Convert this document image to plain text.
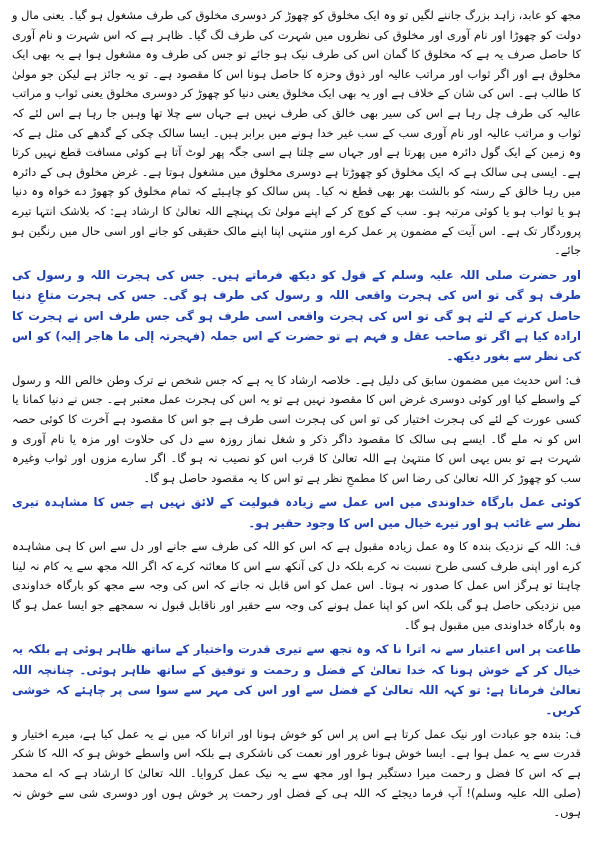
مجھ کو عابد، زاہد بزرگ جاننے لگیں تو وہ ایک مخلوق کو چھوڑ کر دوسری مخلوق کی طرف مشغول ہو گیا۔ یعنی مال و دولت کو چھوڑا اور نام آوری اور مخلوق کی نظروں میں شہرت کی طرف لگ گیا۔ ظاہر ہے کہ اس شہرت و نام آوری کا حاصل صرف یہ ہے کہ مخلوق کا گمان اس کی طرف نیک ہو جائے تو جس کی طرف وہ مشغول ہوا ہے یہ بھی ایک مخلوق ہے اور اگر ثواب اور مراتب عالیہ اور ذوق وحزہ کا حاصل ہونا اس کا مقصود ہے۔ تو یہ جائز ہے لیکن جو مولیٰ کا طالب ہے۔ اس کی شان کے خلاف ہے اور یہ بھی ایک مخلوق یعنی دنیا کو چھوڑ کر دوسری مخلوق یعنی ثواب و مراتب عالیہ کی طرف چل رہا ہے اس کی سیر بھی خالق کی طرف نہیں ہے جہاں سے چلا تھا وہیں جا رہا ہے اس لئے کہ ثواب و مراتب عالیہ اور نام آوری سب کے سب غیر خدا ہونے میں برابر ہیں۔ ایسا سالک چکی کے گدھے کی مثل ہے کہ وہ زمین کے ایک گول دائرہ میں پھرتا ہے اور جہاں سے چلتا ہے اسی جگہ پھر لوٹ آتا ہے کوئی مسافت قطع نہیں کرتا ہے۔ ایسی ہی سالک ہے کہ ایک مخلوق کو چھوڑتا ہے دوسری مخلوق میں مشغول ہوتا ہے۔ غرض مخلوق ہی کے دائرہ میں رہا خالق کے رستہ کو بالشت بھر بھی قطع نہ کیا۔ پس سالک کو چاہیئے کہ تمام مخلوق کو چھوڑ دے خواہ وہ دنیا ہو یا ثواب ہو یا کوئی مرتبہ ہو۔ سب کے کوچ کر کے اپنے مولیٰ تک پہنچے اللہ تعالیٰ کا ارشاد ہے: کہ بلاشک انتہا تیرے پروردگار تک ہے۔ اس آیت کے مضمون پر عمل کرے اور منتہی اپنا اپنے مالک حقیقی کو جانے اور اسی حال میں رنگین ہو جائے۔

اور حضرت صلی اللہ علیہ وسلم کے قول کو دیکھ فرماتے ہیں۔ جس کی ہجرت اللہ و رسول کی طرف ہو گی تو اس کی ہجرت واقعی اللہ و رسول کی طرف ہو گی۔ جس کی ہجرت متاعِ دنیا حاصل کرنے کے لئے ہو گی تو اس کی ہجرت واقعی اسی طرف ہو گی جس طرف اس نے ہجرت کا ارادہ کیا ہے اگر تو صاحب عقل و فہم ہے تو حضرت کے اس جملہ (فہجرتہ إلی ما ھاجر إلیہ) کو اس کی نظر سے بغور دیکھ۔

ف: اس حدیث میں مضمون سابق کی دلیل ہے۔ خلاصہ ارشاد کا یہ ہے کہ جس شخص نے ترک وطن خالص اللہ و رسول کے واسطے کیا اور کوئی دوسری غرض اس کا مقصود نہیں ہے تو یہ اس کی ہجرت عمل معتبر ہے۔ جس نے دنیا کمانا یا کسی عورت کے لئے کی ہجرت اختیار کی تو اس کی ہجرت اسی طرف ہے جو اس کا مقصود ہے آخرت کا کوئی حصہ اس کو نہ ملے گا۔ ایسے ہی سالک کا مقصود داگر ذکر و شغل نماز روزہ سے دل کی حلاوت اور مزہ یا نام آوری و شہرت ہے تو بس یہی اس کا منتہیٰ ہے اللہ تعالیٰ کا قرب اس کو نصیب نہ ہو گا۔ اگر سارے مزوں اور ثواب وغیرہ سب کو چھوڑ کر اللہ تعالیٰ کی رضا اس کا مطمحِ نظر ہے تو اس کا یہ مقصود حاصل ہو گا۔

کوئی عمل بارگاہ خداوندی میں اس عمل سے زیادہ قبولیت کے لائق نہیں ہے جس کا مشاہدہ تیری نظر سے غائب ہو اور تیرے خیال میں اس کا وجود حقیر ہو۔

ف: اللہ کے نزدیک بندہ کا وہ عمل زیادہ مقبول ہے کہ اس کو اللہ کی طرف سے جانے اور دل سے اس کا ہی مشاہدہ کرے اور اپنی طرف کسی طرح نسبت نہ کرے بلکہ دل کی آنکھ سے اس کا معائنہ کرے کہ اگر اللہ مجھ سے یہ کام نہ لینا چاہتا تو ہرگز اس عمل کا صدور نہ ہوتا۔ اس عمل کو اس قابل نہ جانے کہ اس کی وجہ سے مجھ کو بارگاہ خداوندی میں نزدیکی حاصل ہو گی بلکہ اس کو اپنا عمل ہونے کی وجہ سے حقیر اور ناقابل قبول نہ سمجھے جو ایسا عمل ہو گا وہ بارگاہ خداوندی میں مقبول ہو گا۔

طاعت پر اس اعتبار سے نہ اترا نا کہ وہ تجھ سے تیری قدرت واختیار کے ساتھ ظاہر ہوئی ہے بلکہ یہ خیال کر کے خوش ہونا کہ خدا تعالیٰ کے فضل و رحمت و توفیق کے ساتھ ظاہر ہوئی۔ چنانچہ اللہ تعالیٰ فرماتا ہے: تو کہہ اللہ تعالیٰ کے فضل سے اور اس کی مہر سے سوا سی پر چاہئے کہ خوشی کریں۔

ف: بندہ جو عبادت اور نیک عمل کرتا ہے اس پر اس کو خوش ہونا اور اترانا کہ میں نے یہ عمل کیا ہے، میرے اختیار و قدرت سے یہ عمل ہوا ہے۔ ایسا خوش ہونا غرور اور نعمت کی ناشکری ہے بلکہ اس واسطے خوش ہو کہ اللہ کا شکر ہے کہ اس کا فضل و رحمت میرا دستگیر ہوا اور مجھ سے یہ نیک عمل کروایا۔ اللہ تعالیٰ کا ارشاد ہے کہ اے محمد (صلی اللہ علیہ وسلم)! آپ فرما دیجئے کہ اللہ ہی کے فضل اور رحمت پر خوش ہوں اور دوسری شی سے خوش نہ ہوں۔
